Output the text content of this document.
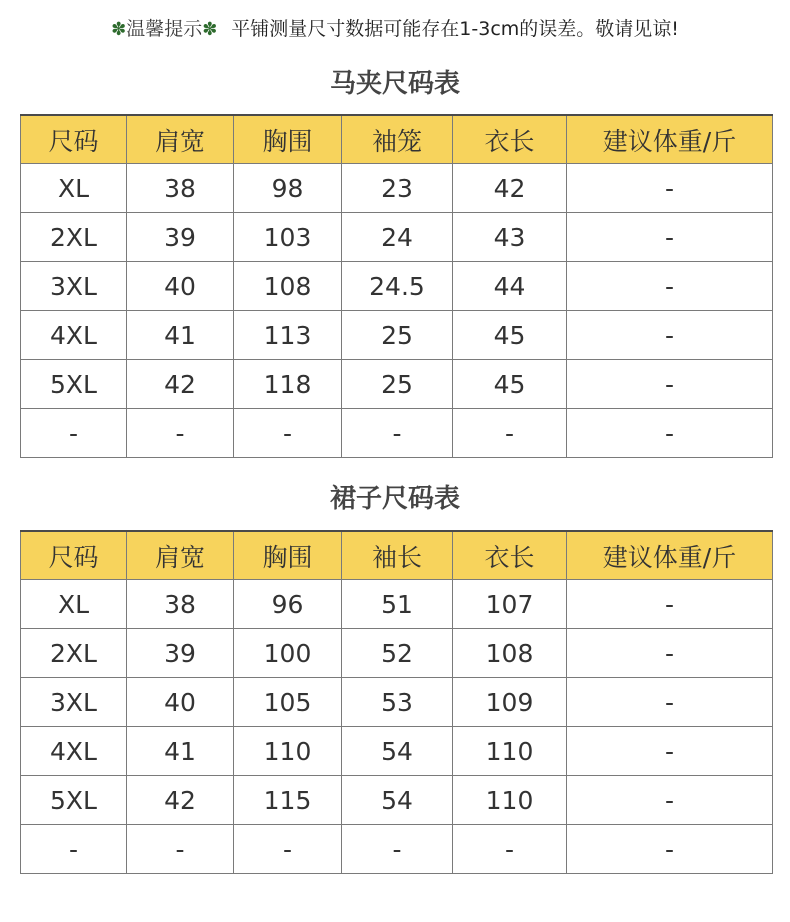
✽温馨提示✽ 平铺测量尺寸数据可能存在1-3cm的误差。敬请见谅!
马夹尺码表
尺码	肩宽	胸围	袖笼	衣长	建议体重/斤
XL	38	98	23	42	-
2XL	39	103	24	43	-
3XL	40	108	24.5	44	-
4XL	41	113	25	45	-
5XL	42	118	25	45	-
-	-	-	-	-	-
裙子尺码表
尺码	肩宽	胸围	袖长	衣长	建议体重/斤
XL	38	96	51	107	-
2XL	39	100	52	108	-
3XL	40	105	53	109	-
4XL	41	110	54	110	-
5XL	42	115	54	110	-
-	-	-	-	-	-
